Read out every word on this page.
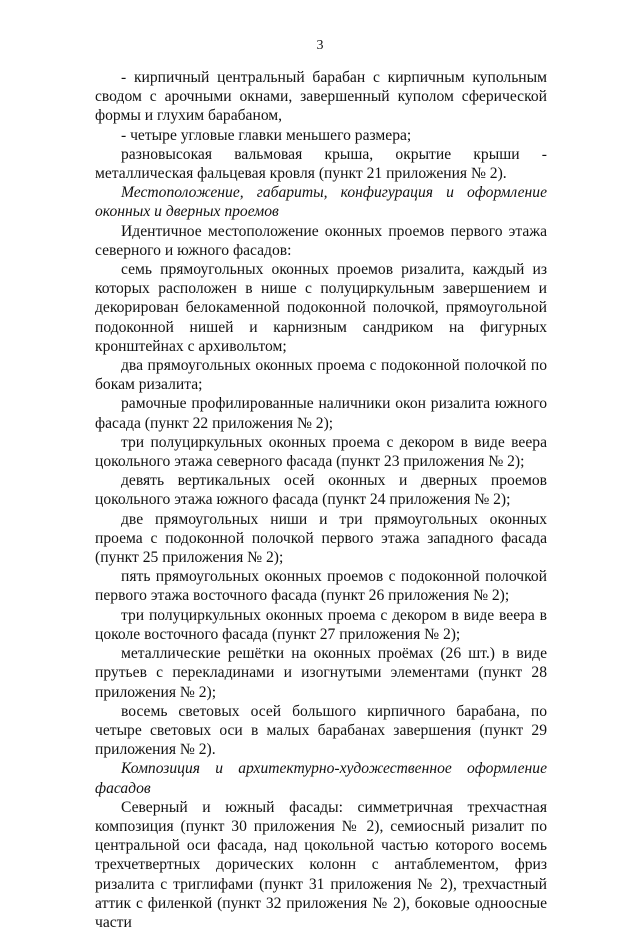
3

- кирпичный центральный барабан с кирпичным купольным сводом с арочными окнами, завершенный куполом сферической формы и глухим барабаном,

- четыре угловые главки меньшего размера;

разновысокая вальмовая крыша, окрытие крыши - металлическая фальцевая кровля (пункт 21 приложения № 2).

Местоположение, габариты, конфигурация и оформление оконных и дверных проемов

Идентичное местоположение оконных проемов первого этажа северного и южного фасадов:

семь прямоугольных оконных проемов ризалита, каждый из которых расположен в нише с полуциркульным завершением и декорирован белокаменной подоконной полочкой, прямоугольной подоконной нишей и карнизным сандриком на фигурных кронштейнах с архивольтом;

два прямоугольных оконных проема с подоконной полочкой по бокам ризалита;

рамочные профилированные наличники окон ризалита южного фасада (пункт 22 приложения № 2);

три полуциркульных оконных проема с декором в виде веера цокольного этажа северного фасада (пункт 23 приложения № 2);

девять вертикальных осей оконных и дверных проемов цокольного этажа южного фасада (пункт 24 приложения № 2);

две прямоугольных ниши и три прямоугольных оконных проема с подоконной полочкой первого этажа западного фасада (пункт 25 приложения № 2);

пять прямоугольных оконных проемов с подоконной полочкой первого этажа восточного фасада (пункт 26 приложения № 2);

три полуциркульных оконных проема с декором в виде веера в цоколе восточного фасада (пункт 27 приложения № 2);

металлические решётки на оконных проёмах (26 шт.) в виде прутьев с перекладинами и изогнутыми элементами (пункт 28 приложения № 2);

восемь световых осей большого кирпичного барабана, по четыре световых оси в малых барабанах завершения (пункт 29 приложения № 2).

Композиция и архитектурно-художественное оформление фасадов

Северный и южный фасады: симметричная трехчастная композиция (пункт 30 приложения № 2), семиосный ризалит по центральной оси фасада, над цокольной частью которого восемь трехчетвертных дорических колонн с антаблементом, фриз ризалита с триглифами (пункт 31 приложения № 2), трехчастный аттик с филенкой (пункт 32 приложения № 2), боковые одноосные части
